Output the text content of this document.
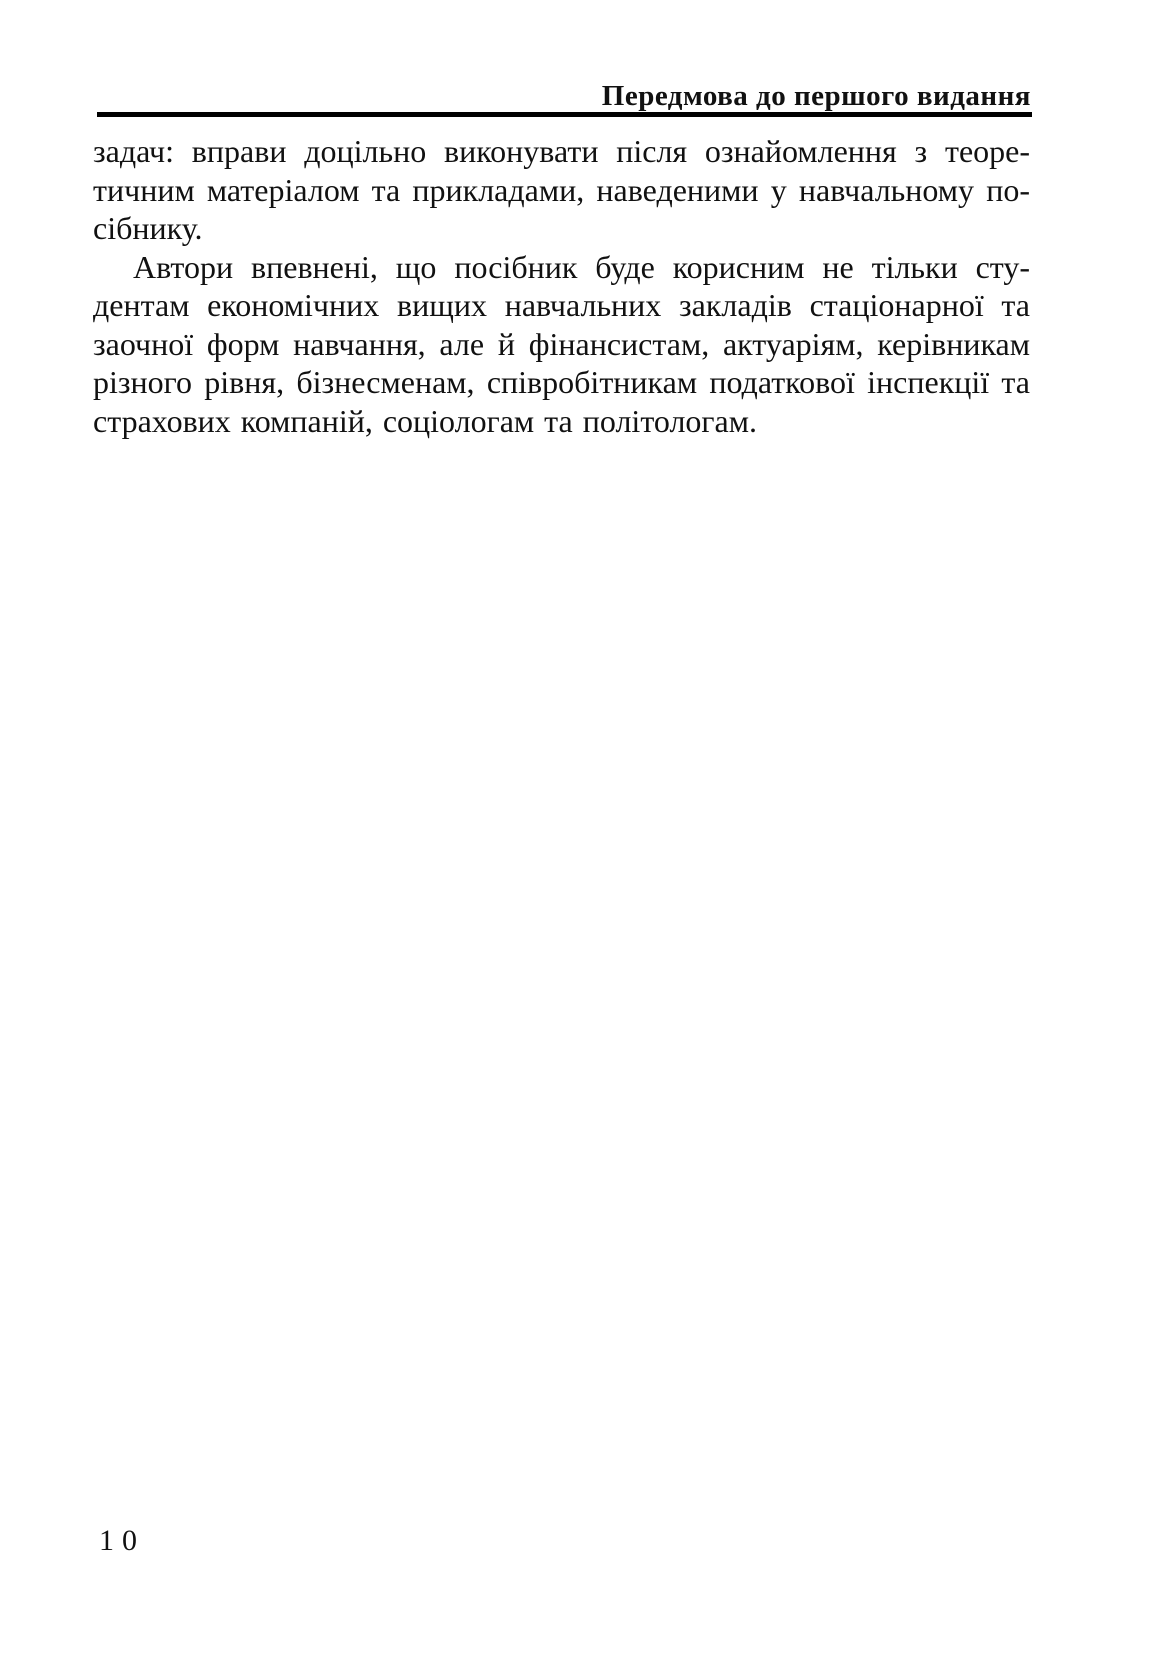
Передмова до першого видання

задач: вправи доцільно виконувати після ознайомлення з теоре-
тичним матеріалом та прикладами, наведеними у навчальному по-
сібнику.

Автори впевнені, що посібник буде корисним не тільки сту-
дентам економічних вищих навчальних закладів стаціонарної та
заочної форм навчання, але й фінансистам, актуаріям, керівникам
різного рівня, бізнесменам, співробітникам податкової інспекції та
страхових компаній, соціологам та політологам.

10
